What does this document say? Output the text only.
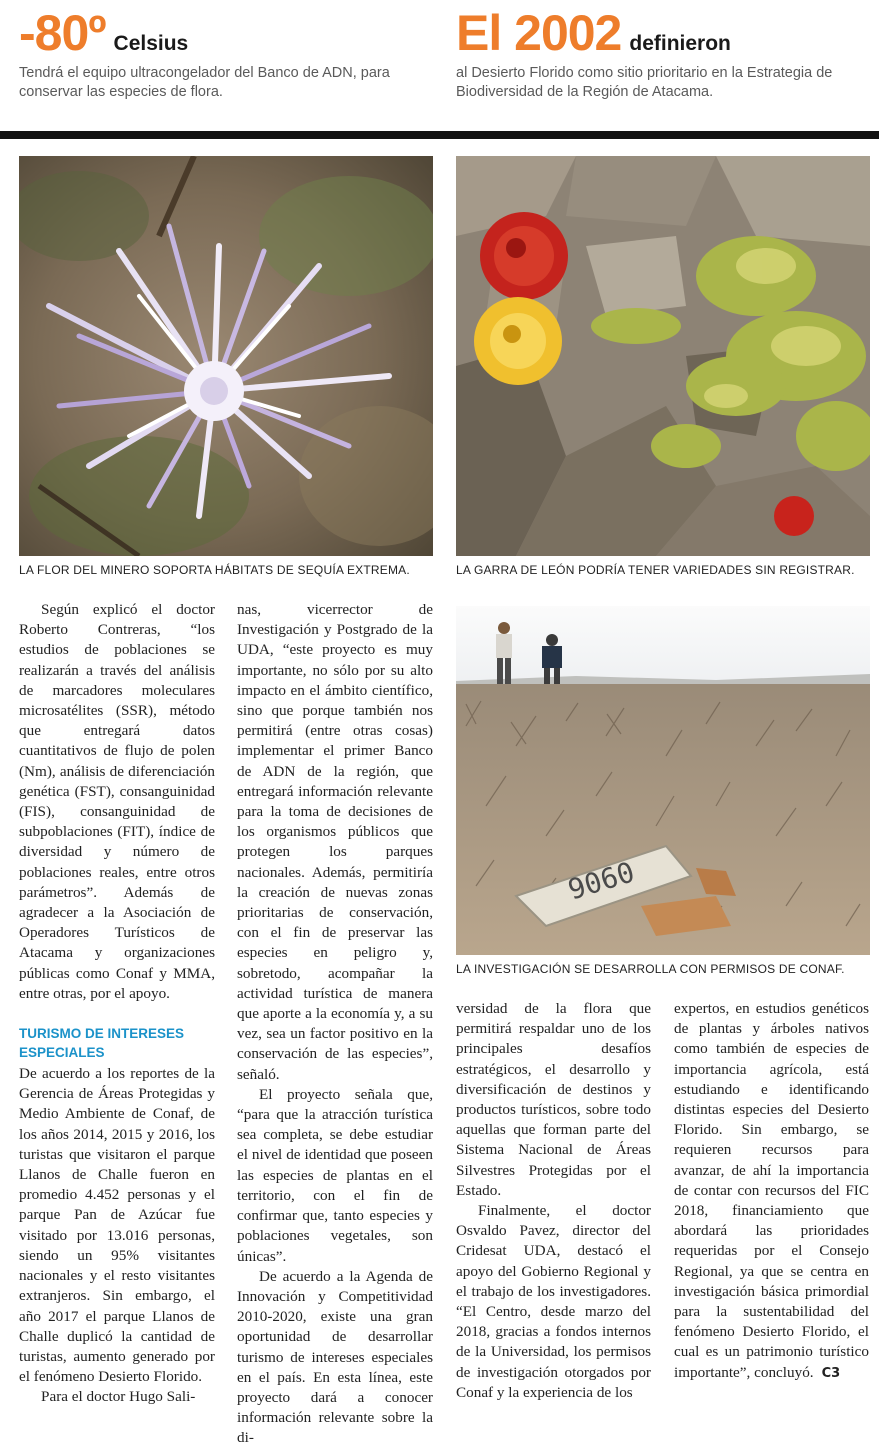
-80º Celsius
Tendrá el equipo ultracongelador del Banco de ADN, para
conservar las especies de flora.
El 2002 definieron
al Desierto Florido como sitio prioritario en la Estrategia de
Biodiversidad de la Región de Atacama.
LA FLOR DEL MINERO SOPORTA HÁBITATS DE SEQUÍA EXTREMA.	LA GARRA DE LEÓN PODRÍA TENER VARIEDADES SIN REGISTRAR.
9060
LA INVESTIGACIÓN SE DESARROLLA CON PERMISOS DE CONAF.

Según explicó el doctor Roberto Contreras, “los estudios de poblaciones se realizarán a través del análisis de marcadores moleculares microsatélites (SSR), método que entregará datos cuantitativos de flujo de polen (Nm), análisis de diferenciación genética (FST), consanguinidad (FIS), consanguinidad de subpoblaciones (FIT), índice de diversidad y número de poblaciones reales, entre otros parámetros”. Además de agradecer a la Asociación de Operadores Turísticos de Atacama y organizaciones públicas como Conaf y MMA, entre otras, por el apoyo.

TURISMO DE INTERESES ESPECIALES

De acuerdo a los reportes de la Gerencia de Áreas Protegidas y Medio Ambiente de Conaf, de los años 2014, 2015 y 2016, los turistas que visitaron el parque Llanos de Challe fueron en promedio 4.452 personas y el parque Pan de Azúcar fue visitado por 13.016 personas, siendo un 95% visitantes nacionales y el resto visitantes extranjeros. Sin embargo, el año 2017 el parque Llanos de Challe duplicó la cantidad de turistas, aumento generado por el fenómeno Desierto Florido.

Para el doctor Hugo Sali-

nas, vicerrector de Investigación y Postgrado de la UDA, “este proyecto es muy importante, no sólo por su alto impacto en el ámbito científico, sino que porque también nos permitirá (entre otras cosas) implementar el primer Banco de ADN de la región, que entregará información relevante para la toma de decisiones de los organismos públicos que protegen los parques nacionales. Además, permitiría la creación de nuevas zonas prioritarias de conservación, con el fin de preservar las especies en peligro y, sobretodo, acompañar la actividad turística de manera que aporte a la economía y, a su vez, sea un factor positivo en la conservación de las especies”, señaló.

El proyecto señala que, “para que la atracción turística sea completa, se debe estudiar el nivel de identidad que poseen las especies de plantas en el territorio, con el fin de confirmar que, tanto especies y poblaciones vegetales, son únicas”.

De acuerdo a la Agenda de Innovación y Competitividad 2010-2020, existe una gran oportunidad de desarrollar turismo de intereses especiales en el país. En esta línea, este proyecto dará a conocer información relevante sobre la di-

versidad de la flora que permitirá respaldar uno de los principales desafíos estratégicos, el desarrollo y diversificación de destinos y productos turísticos, sobre todo aquellas que forman parte del Sistema Nacional de Áreas Silvestres Protegidas por el Estado.

Finalmente, el doctor Osvaldo Pavez, director del Cridesat UDA, destacó el apoyo del Gobierno Regional y el trabajo de los investigadores. “El Centro, desde marzo del 2018, gracias a fondos internos de la Universidad, los permisos de investigación otorgados por Conaf y la experiencia de los

expertos, en estudios genéticos de plantas y árboles nativos como también de especies de importancia agrícola, está estudiando e identificando distintas especies del Desierto Florido. Sin embargo, se requieren recursos para avanzar, de ahí la importancia de contar con recursos del FIC 2018, financiamiento que abordará las prioridades requeridas por el Consejo Regional, ya que se centra en investigación básica primordial para la sustentabilidad del fenómeno Desierto Florido, el cual es un patrimonio turístico importante”, concluyó. C3
